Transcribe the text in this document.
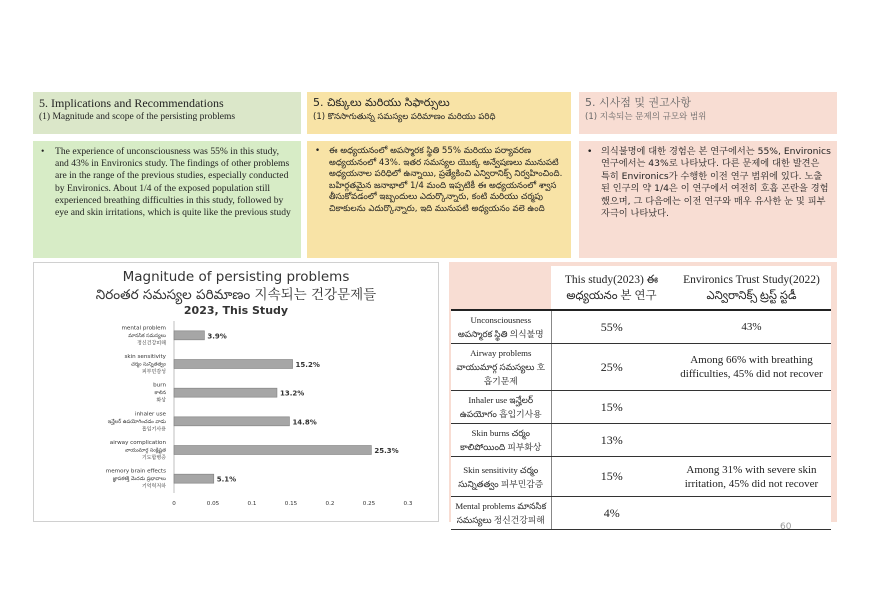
5. Implications and Recommendations
(1) Magnitude and scope of the persisting problems
5. చిక్కులు మరియు సిఫార్సులు
(1) కొనసాగుతున్న సమస్యల పరిమాణం మరియు పరిధి
5. 시사점 및 권고사항
(1) 지속되는 문제의 규모와 범위
• The experience of unconsciousness was 55% in this study, and 43% in Environics study. The findings of other problems are in the range of the previous studies, especially conducted by Environics. About 1/4 of the exposed population still experienced breathing difficulties in this study, followed by eye and skin irritations, which is quite like the previous study
• ఈ అధ్యయనంలో అపస్మారక స్థితి 55% మరియు పర్యావరణ అధ్యయనంలో 43%. ఇతర సమస్యల యొక్క అన్వేషణలు మునుపటి అధ్యయనాల పరిధిలో ఉన్నాయి, ప్రత్యేకించి ఎన్విరానిక్స్ నిర్వహించింది. బహిర్గతమైన జనాభాలో 1/4 మంది ఇప్పటికీ ఈ అధ్యయనంలో శ్వాస తీసుకోవడంలో ఇబ్బందులు ఎదుర్కొన్నారు, కంటి మరియు చర్మపు చికాకులను ఎదుర్కొన్నారు, ఇది మునుపటి అధ్యయనం వలె ఉంది
• 의식불명에 대한 경험은 본 연구에서는 55%, Environics 연구에서는 43%로 나타났다. 다른 문제에 대한 발견은 특히 Environics가 수행한 이전 연구 범위에 있다. 노출된 인구의 약 1/4은 이 연구에서 여전히 호흡 곤란을 경험했으며, 그 다음에는 이전 연구와 매우 유사한 눈 및 피부 자극이 나타났다.
Magnitude of persisting problems
నిరంతర సమస్యల పరిమాణం 지속되는 건강문제들
2023, This Study
3.9%
mental problem
మానసిక సమస్యలు
정신건강피해
15.2%
skin sensitivity
చర్మం సున్నితత్వం
피부민감성
13.2%
burn
కాలిన
화상
14.8%
inhaler use
ఇన్హేలర్ ఉపయోగించడం వాడు
흡입기사용
25.3%
airway complication
వాయుమార్గ సంక్లిష్టత
기도합병증
5.1%
memory brain effects
జ్ఞాపకశక్తి మెదడు ప్రభావాలు
기억력저하
0	0.05	0.1	0.15	0.2	0.25	0.3
	This study(2023) ఈ అధ్యయనం 본 연구	Environics Trust Study(2022) ఎన్విరానిక్స్ ట్రస్ట్ స్టడీ
Unconsciousness అపస్మారక స్థితి 의식불명	55%	43%
Airway problems వాయుమార్గ సమస్యలు 호흡기문제	25%	Among 66% with breathing difficulties, 45% did not recover
Inhaler use ఇన్హేలర్ ఉపయోగం 흡입기사용	15%	
Skin burns చర్మం కాలిపోయింది 피부화상	13%	
Skin sensitivity చర్మం సున్నితత్వం 피부민감증	15%	Among 31% with severe skin irritation, 45% did not recover
Mental problems మానసిక సమస్యలు 정신건강피해	4%	
60
